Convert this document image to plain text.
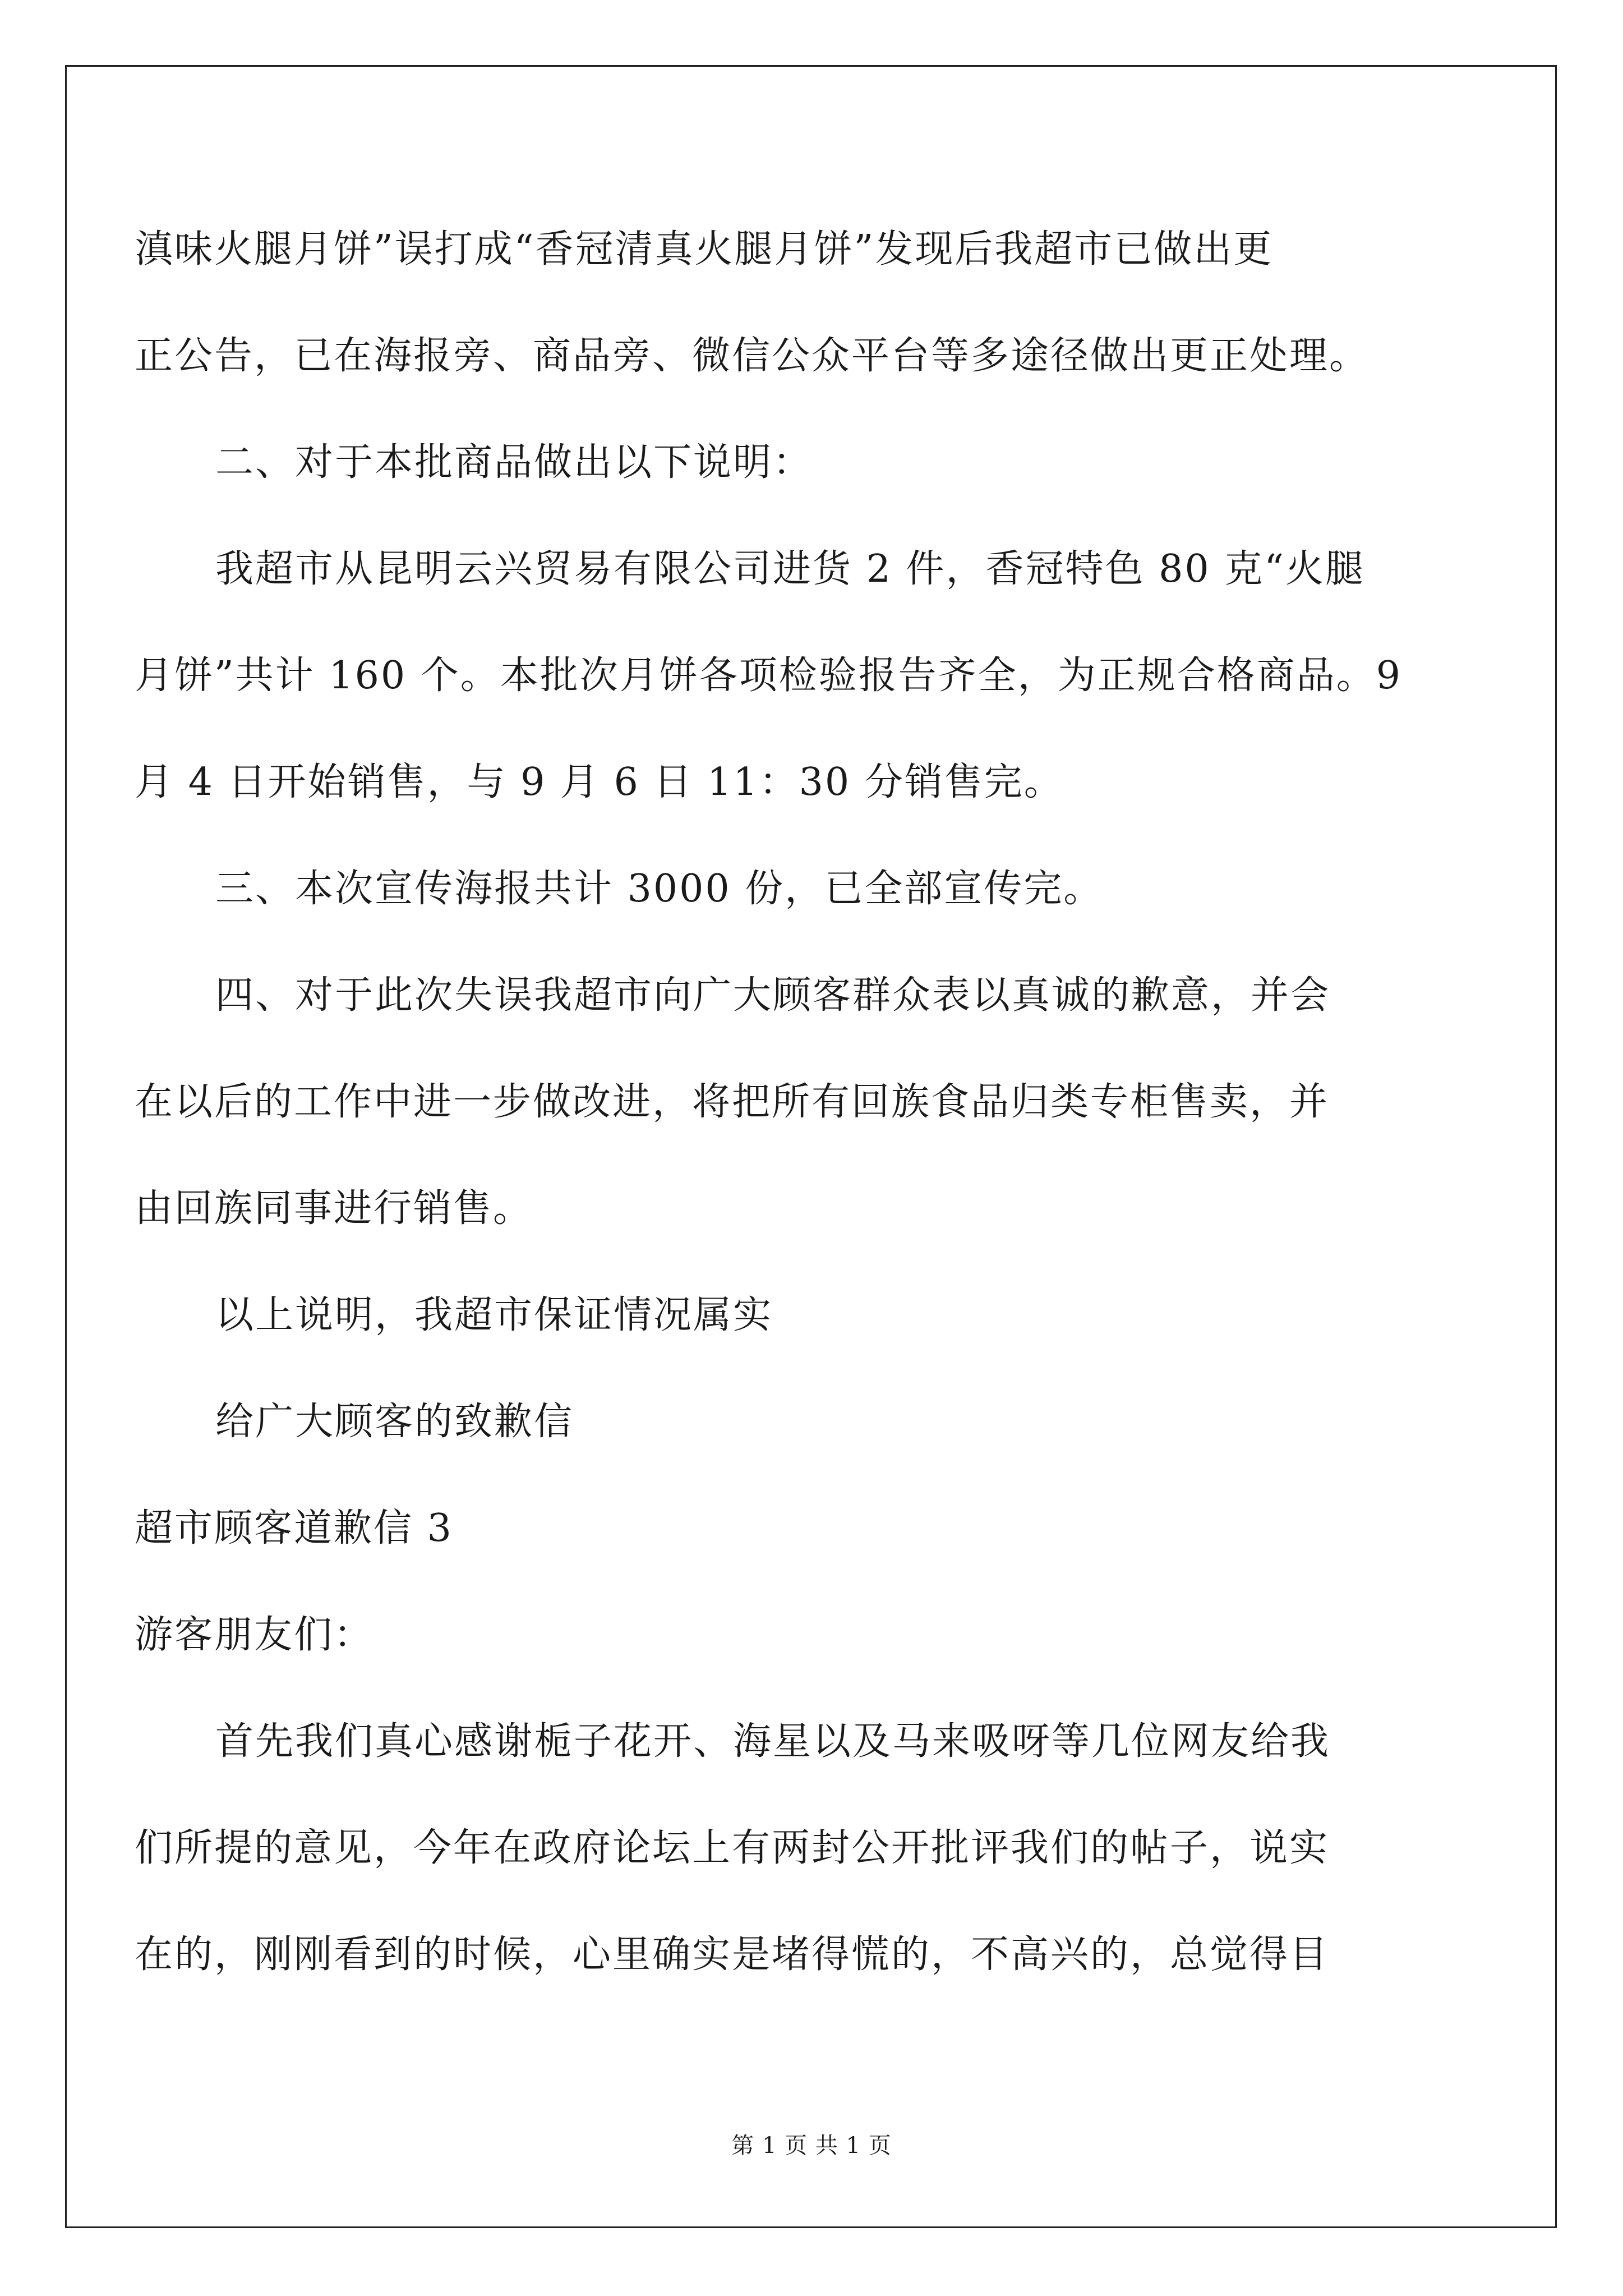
滇味火腿月饼”误打成“香冠清真火腿月饼”发现后我超市已做出更
正公告，已在海报旁、商品旁、微信公众平台等多途径做出更正处理。
二、对于本批商品做出以下说明：
我超市从昆明云兴贸易有限公司进货 2 件，香冠特色 80 克“火腿
月饼”共计 160 个。本批次月饼各项检验报告齐全，为正规合格商品。9
月 4 日开始销售，与 9 月 6 日 11：30 分销售完。
三、本次宣传海报共计 3000 份，已全部宣传完。
四、对于此次失误我超市向广大顾客群众表以真诚的歉意，并会
在以后的工作中进一步做改进，将把所有回族食品归类专柜售卖，并
由回族同事进行销售。
以上说明，我超市保证情况属实
给广大顾客的致歉信
超市顾客道歉信 3
游客朋友们：
首先我们真心感谢栀子花开、海星以及马来吸呀等几位网友给我
们所提的意见，今年在政府论坛上有两封公开批评我们的帖子，说实
在的，刚刚看到的时候，心里确实是堵得慌的，不高兴的，总觉得目
第 1 页 共 1 页
